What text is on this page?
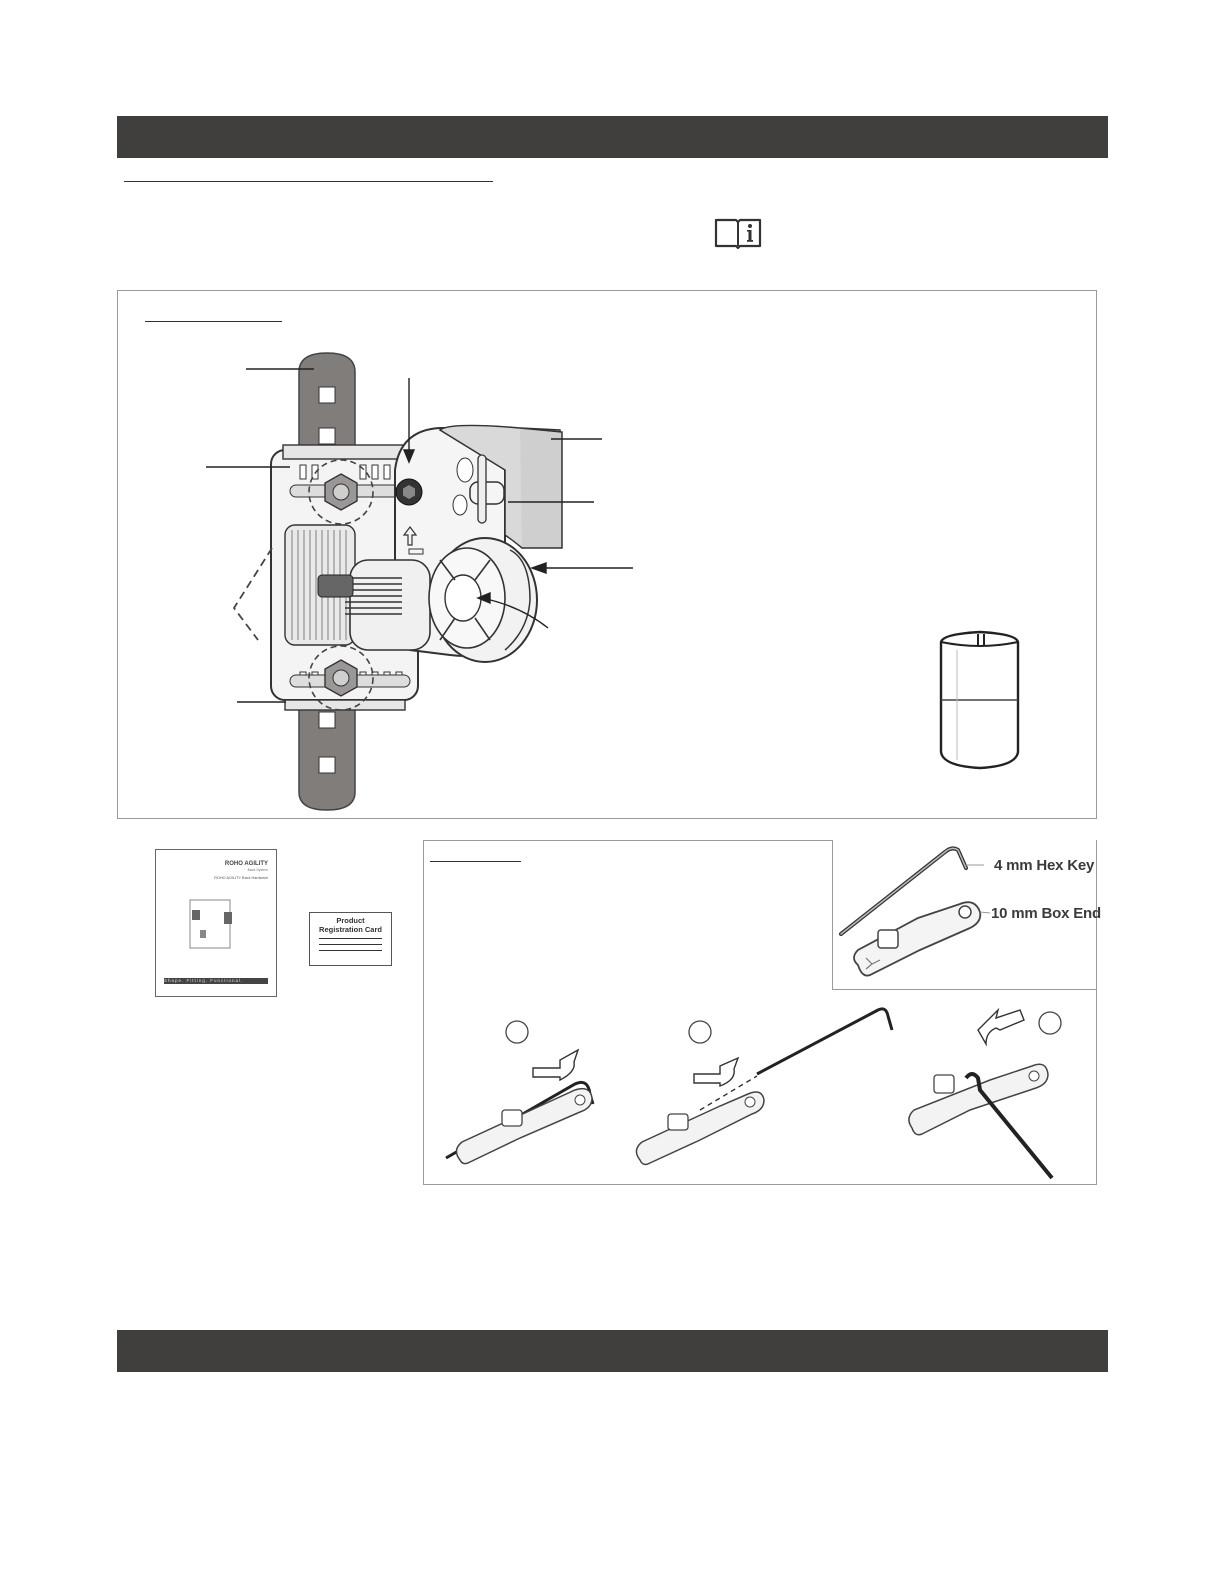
ROHO AGILITY
Back System
ROHO AGILITY Back Hardware
Shape. Fitting. Functional.
Product
Registration Card
4 mm Hex Key
10 mm Box End
